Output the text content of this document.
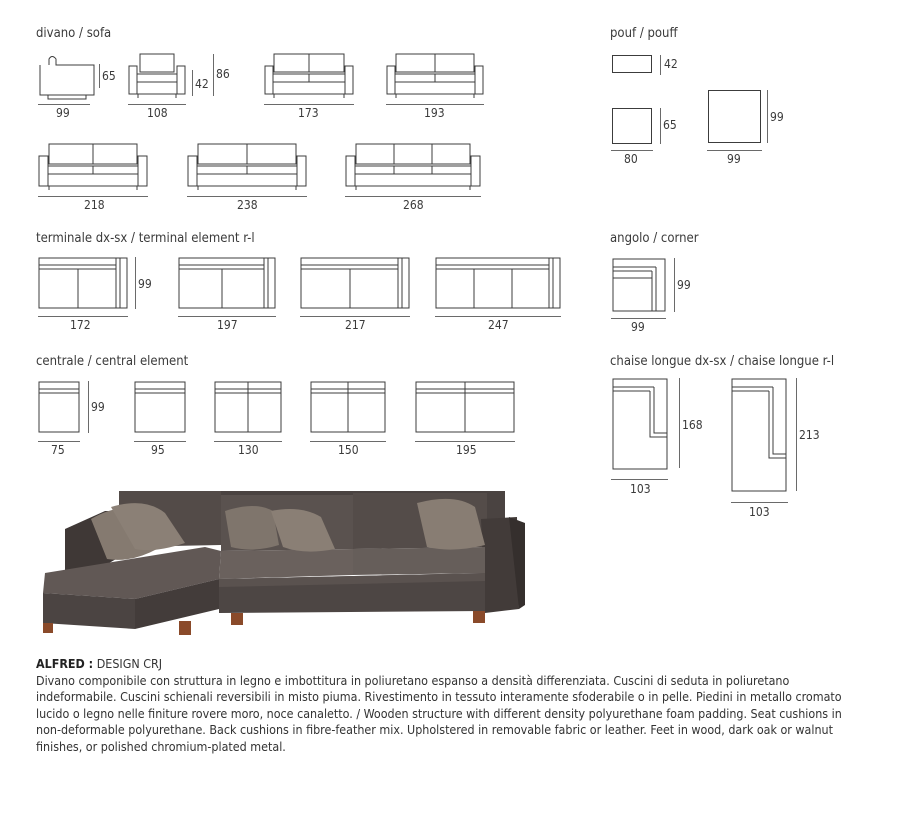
divano / sofa	pouf / pouff
terminale dx-sx / terminal element r-l	angolo / corner
centrale / central element	chaise longue dx-sx / chaise longue r-l
65
99
42
86
108	173	193
218	238	268
42
65
80
99
99
99
172	197	217	247
99
99
99
75	95	130	150	195
168
103
213
103
ALFRED : DESIGN CRJ
Divano componibile con struttura in legno e imbottitura in poliuretano espanso a densità differenziata. Cuscini di seduta in poliuretano indeformabile. Cuscini schienali reversibili in misto piuma. Rivestimento in tessuto interamente sfoderabile o in pelle. Piedini in metallo cromato lucido o legno nelle finiture rovere moro, noce canaletto. / Wooden structure with different density polyurethane foam padding. Seat cushions in non-deformable polyurethane. Back cushions in fibre-feather mix. Upholstered in removable fabric or leather. Feet in wood, dark oak or walnut finishes, or polished chromium-plated metal.
